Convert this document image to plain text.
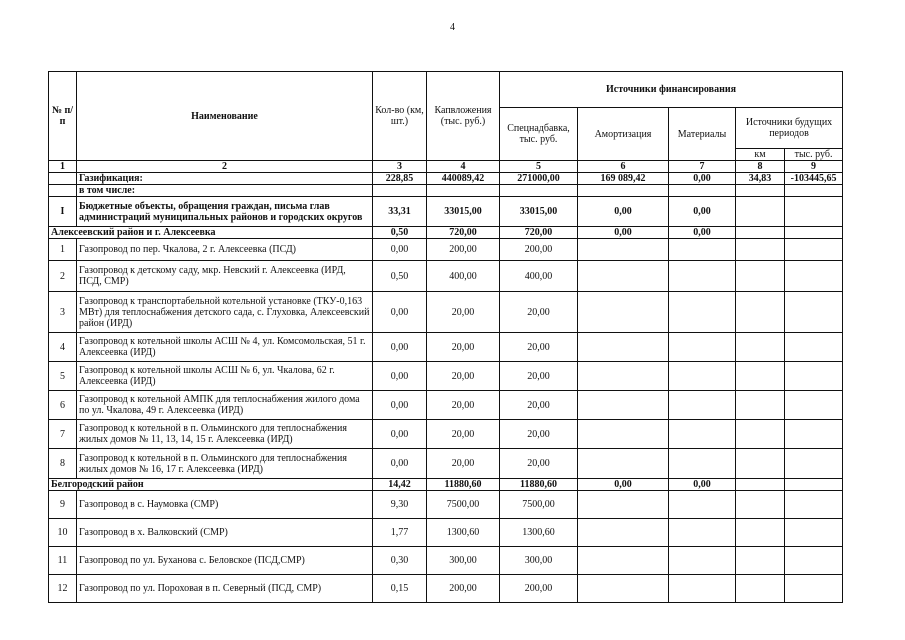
4
№ п/п	Наименование	Кол-во (км, шт.)	Капвложения (тыс. руб.)	Источники финансирования				
				Спецнадбавка, тыс. руб.	Амортизация	Материалы	Источники будущих периодов	
							км	тыс. руб.
1	2	3	4	5	6	7	8	9
	Газификация:	228,85	440089,42	271000,00	169 089,42	0,00	34,83	-103445,65
	в том числе:							
I	Бюджетные объекты, обращения граждан, письма глав администраций муниципальных районов и городских округов	33,31	33015,00	33015,00	0,00	0,00		
Алексеевский район и г. Алексеевка		0,50	720,00	720,00	0,00	0,00		
1	Газопровод по пер. Чкалова, 2 г. Алексеевка (ПСД)	0,00	200,00	200,00				
2	Газопровод к детскому саду, мкр. Невский г. Алексеевка (ИРД, ПСД, СМР)	0,50	400,00	400,00				
3	Газопровод к транспортабельной котельной установке (ТКУ-0,163 МВт) для теплоснабжения детского сада, с. Глуховка, Алексеевский район (ИРД)	0,00	20,00	20,00				
4	Газопровод к котельной школы АСШ № 4, ул. Комсомольская, 51 г. Алексеевка (ИРД)	0,00	20,00	20,00				
5	Газопровод к котельной школы АСШ № 6, ул. Чкалова, 62 г. Алексеевка (ИРД)	0,00	20,00	20,00				
6	Газопровод к котельной АМПК для теплоснабжения жилого дома по ул. Чкалова, 49 г. Алексеевка (ИРД)	0,00	20,00	20,00				
7	Газопровод к котельной в п. Ольминского для теплоснабжения жилых домов № 11, 13, 14, 15 г. Алексеевка (ИРД)	0,00	20,00	20,00				
8	Газопровод к котельной в п. Ольминского для теплоснабжения жилых домов № 16, 17 г. Алексеевка (ИРД)	0,00	20,00	20,00				
Белгородский район		14,42	11880,60	11880,60	0,00	0,00		
9	Газопровод в с. Наумовка (СМР)	9,30	7500,00	7500,00				
10	Газопровод в х. Валковский (СМР)	1,77	1300,60	1300,60				
11	Газопровод по ул. Буханова с. Беловское (ПСД,СМР)	0,30	300,00	300,00				
12	Газопровод по ул. Пороховая в п. Северный (ПСД, СМР)	0,15	200,00	200,00				
